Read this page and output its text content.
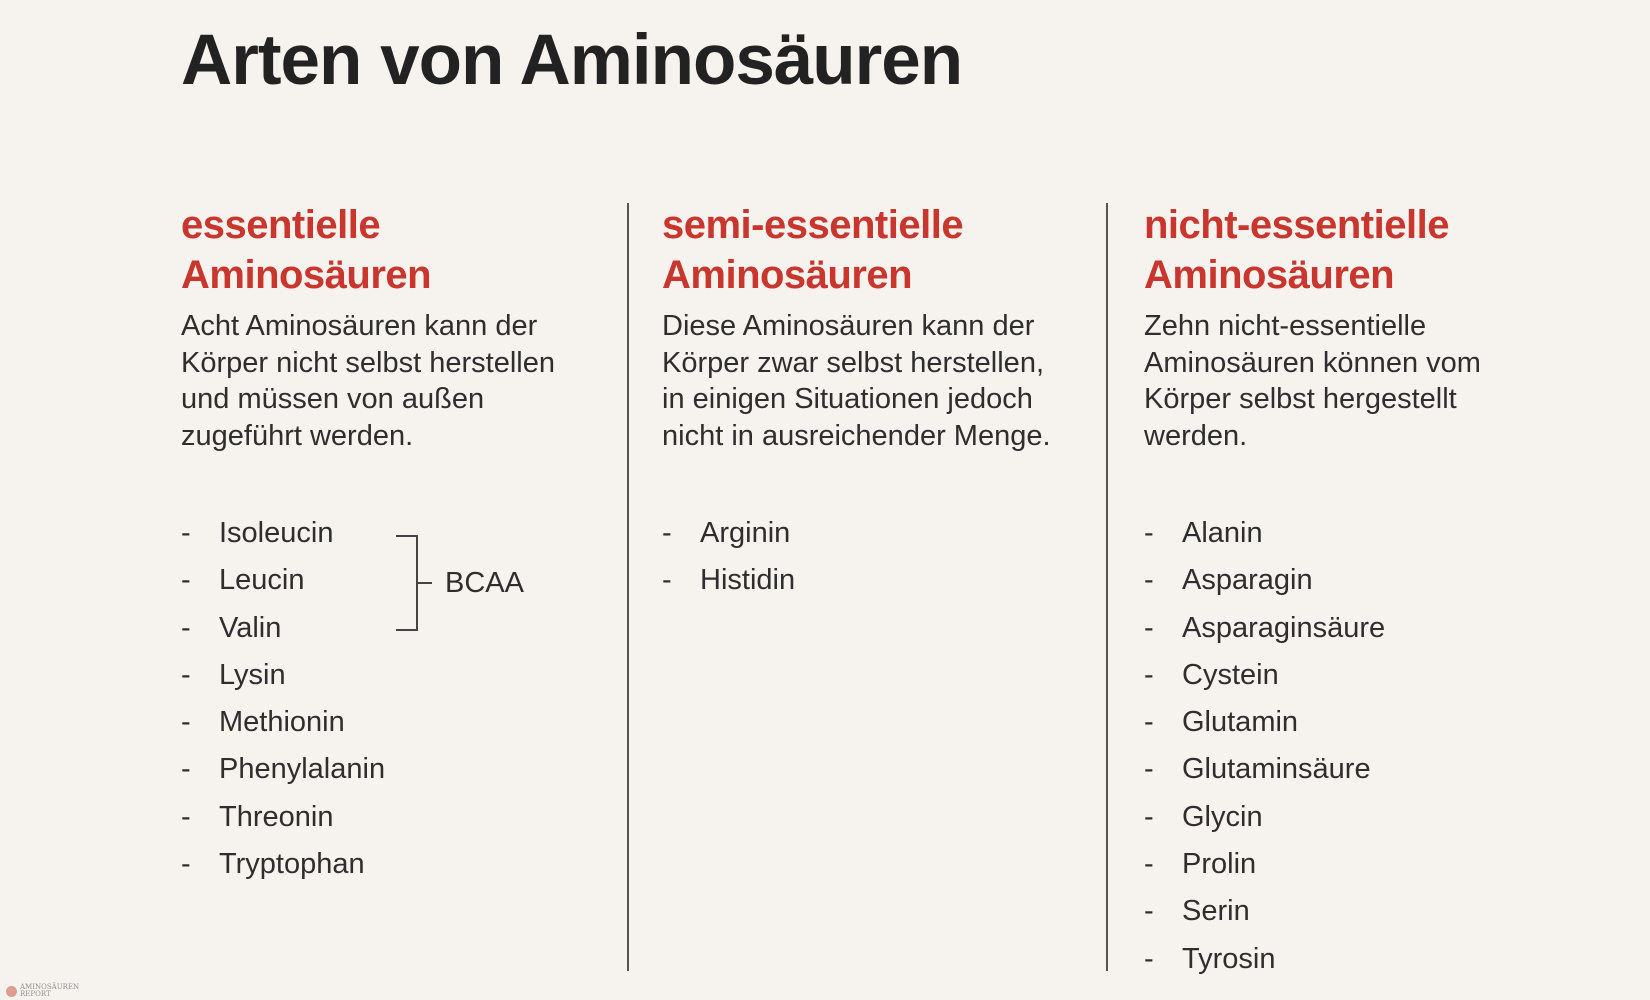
Arten von Aminosäuren
essentielle
Aminosäuren

Acht Aminosäuren kann der
Körper nicht selbst herstellen
und müssen von außen
zugeführt werden.

- Isoleucin
- Leucin
- Valin
- Lysin
- Methionin
- Phenylalanin
- Threonin
- Tryptophan
BCAA
semi-essentielle
Aminosäuren

Diese Aminosäuren kann der
Körper zwar selbst herstellen,
in einigen Situationen jedoch
nicht in ausreichender Menge.

- Arginin
- Histidin
nicht-essentielle
Aminosäuren

Zehn nicht-essentielle
Aminosäuren können vom
Körper selbst hergestellt
werden.

- Alanin
- Asparagin
- Asparaginsäure
- Cystein
- Glutamin
- Glutaminsäure
- Glycin
- Prolin
- Serin
- Tyrosin
AMINOSÄUREN
REPORT
